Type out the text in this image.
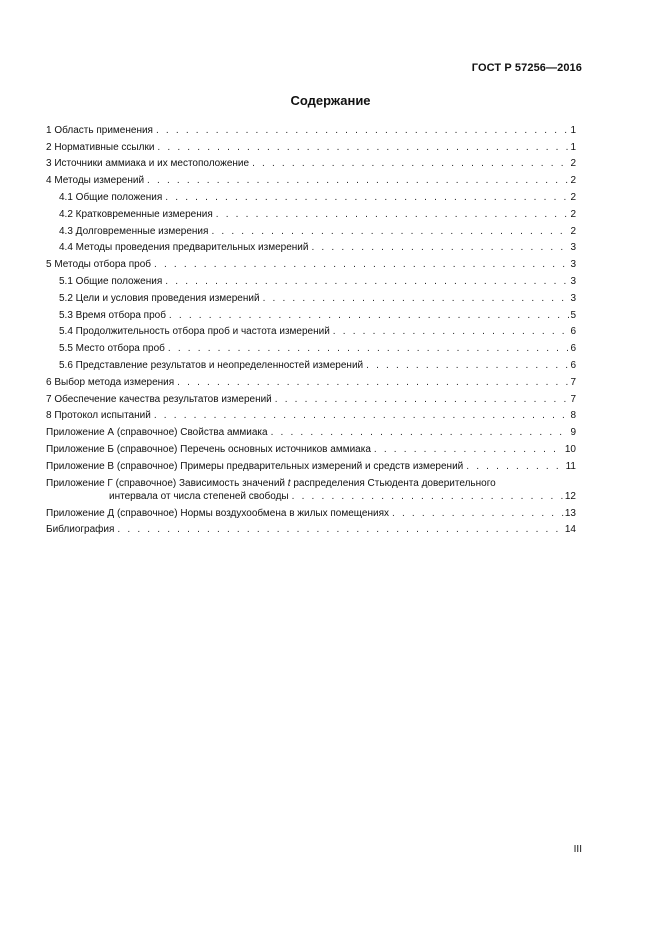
ГОСТ Р 57256—2016
Содержание
1 Область применения . . .	1
2 Нормативные ссылки . . .	1
3 Источники аммиака и их местоположение . . .	2
4 Методы измерений . . .	2
4.1 Общие положения . . .	2
4.2 Кратковременные измерения . . .	2
4.3 Долговременные измерения . . .	2
4.4 Методы проведения предварительных измерений . . .	3
5 Методы отбора проб . . .	3
5.1 Общие положения . . .	3
5.2 Цели и условия проведения измерений . . .	3
5.3 Время отбора проб . . .	5
5.4 Продолжительность отбора проб и частота измерений . . .	6
5.5 Место отбора проб . . .	6
5.6 Представление результатов и неопределенностей измерений . . .	6
6 Выбор метода измерения . . .	7
7 Обеспечение качества результатов измерений . . .	7
8 Протокол испытаний . . .	8
Приложение А (справочное) Свойства аммиака . . .	9
Приложение Б (справочное) Перечень основных источников аммиака . . .	10
Приложение В (справочное) Примеры предварительных измерений и средств измерений . . .	11
Приложение Г (справочное) Зависимость значений t распределения Стьюдента доверительного
интервала от числа степеней свободы . . .	12
Приложение Д (справочное) Нормы воздухообмена в жилых помещениях . . .	13
Библиография . . .	14
III
